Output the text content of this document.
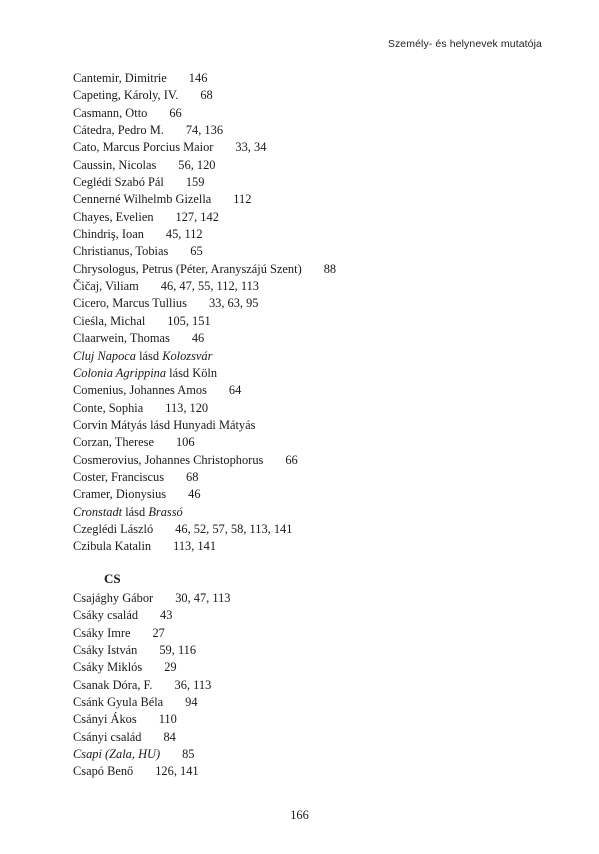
Személy- és helynevek mutatója
Cantemir, Dimitrie 146
Capeting, Károly, IV. 68
Casmann, Otto 66
Cátedra, Pedro M. 74, 136
Cato, Marcus Porcius Maior 33, 34
Caussin, Nicolas 56, 120
Ceglédi Szabó Pál 159
Cennerné Wilhelmb Gizella 112
Chayes, Evelien 127, 142
Chindriş, Ioan 45, 112
Christianus, Tobias 65
Chrysologus, Petrus (Péter, Aranyszájú Szent) 88
Čičaj, Viliam 46, 47, 55, 112, 113
Cicero, Marcus Tullius 33, 63, 95
Cieśla, Michal 105, 151
Claarwein, Thomas 46
Cluj Napoca lásd Kolozsvár
Colonia Agrippina lásd Köln
Comenius, Johannes Amos 64
Conte, Sophia 113, 120
Corvin Mátyás lásd Hunyadi Mátyás
Corzan, Therese 106
Cosmerovius, Johannes Christophorus 66
Coster, Franciscus 68
Cramer, Dionysius 46
Cronstadt lásd Brassó
Czeglédi László 46, 52, 57, 58, 113, 141
Czibula Katalin 113, 141
CS
Csajághy Gábor 30, 47, 113
Csáky család 43
Csáky Imre 27
Csáky István 59, 116
Csáky Miklós 29
Csanak Dóra, F. 36, 113
Csánk Gyula Béla 94
Csányi Ákos 110
Csányi család 84
Csapi (Zala, HU) 85
Csapó Benő 126, 141
166
